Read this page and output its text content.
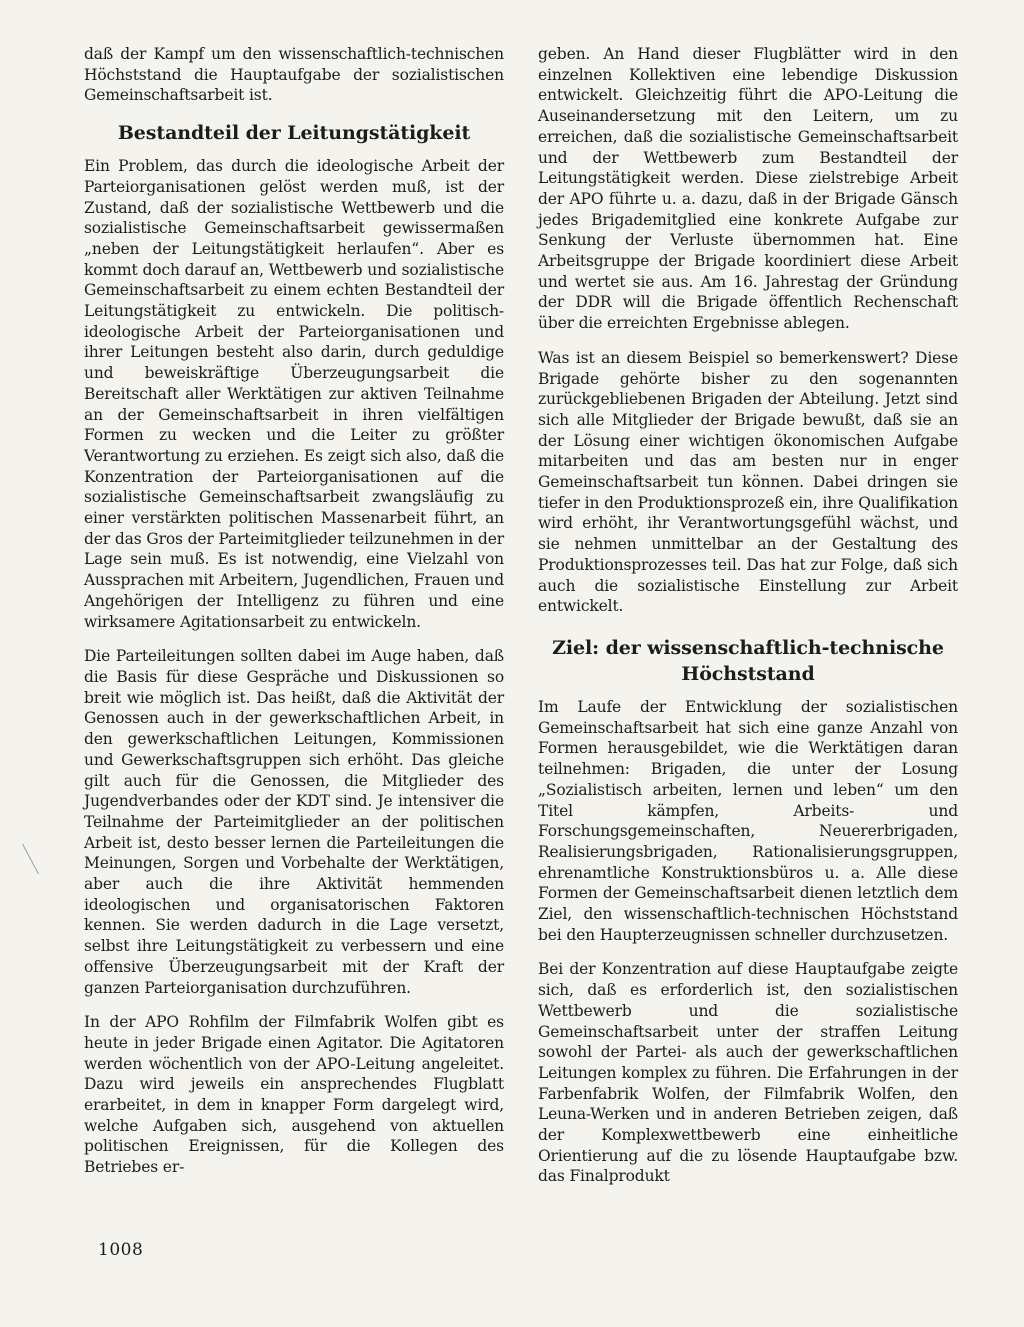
daß der Kampf um den wissenschaftlich-technischen Höchststand die Hauptaufgabe der sozialistischen Gemeinschaftsarbeit ist.

Bestandteil der Leitungstätigkeit

Ein Problem, das durch die ideologische Arbeit der Parteiorganisationen gelöst werden muß, ist der Zustand, daß der sozialistische Wettbewerb und die sozialistische Gemeinschaftsarbeit gewissermaßen „neben der Leitungstätigkeit herlaufen“. Aber es kommt doch darauf an, Wettbewerb und sozialistische Gemeinschaftsarbeit zu einem echten Bestandteil der Leitungstätigkeit zu entwickeln. Die politisch-ideologische Arbeit der Parteiorganisationen und ihrer Leitungen besteht also darin, durch geduldige und beweiskräftige Überzeugungsarbeit die Bereitschaft aller Werktätigen zur aktiven Teilnahme an der Gemeinschaftsarbeit in ihren vielfältigen Formen zu wecken und die Leiter zu größter Verantwortung zu erziehen. Es zeigt sich also, daß die Konzentration der Parteiorganisationen auf die sozialistische Gemeinschaftsarbeit zwangsläufig zu einer verstärkten politischen Massenarbeit führt, an der das Gros der Parteimitglieder teilzunehmen in der Lage sein muß. Es ist notwendig, eine Vielzahl von Aussprachen mit Arbeitern, Jugendlichen, Frauen und Angehörigen der Intelligenz zu führen und eine wirksamere Agitationsarbeit zu entwickeln.

Die Parteileitungen sollten dabei im Auge haben, daß die Basis für diese Gespräche und Diskussionen so breit wie möglich ist. Das heißt, daß die Aktivität der Genossen auch in der gewerkschaftlichen Arbeit, in den gewerkschaftlichen Leitungen, Kommissionen und Gewerkschaftsgruppen sich erhöht. Das gleiche gilt auch für die Genossen, die Mitglieder des Jugendverbandes oder der KDT sind. Je intensiver die Teilnahme der Parteimitglieder an der politischen Arbeit ist, desto besser lernen die Parteileitungen die Meinungen, Sorgen und Vorbehalte der Werktätigen, aber auch die ihre Aktivität hemmenden ideologischen und organisatorischen Faktoren kennen. Sie werden dadurch in die Lage versetzt, selbst ihre Leitungstätigkeit zu verbessern und eine offensive Überzeugungsarbeit mit der Kraft der ganzen Parteiorganisation durchzuführen.

In der APO Rohfilm der Filmfabrik Wolfen gibt es heute in jeder Brigade einen Agitator. Die Agitatoren werden wöchentlich von der APO-Leitung angeleitet. Dazu wird jeweils ein ansprechendes Flugblatt erarbeitet, in dem in knapper Form dargelegt wird, welche Aufgaben sich, ausgehend von aktuellen politischen Ereignissen, für die Kollegen des Betriebes er-

geben. An Hand dieser Flugblätter wird in den einzelnen Kollektiven eine lebendige Diskussion entwickelt. Gleichzeitig führt die APO-Leitung die Auseinandersetzung mit den Leitern, um zu erreichen, daß die sozialistische Gemeinschaftsarbeit und der Wettbewerb zum Bestandteil der Leitungstätigkeit werden. Diese zielstrebige Arbeit der APO führte u. a. dazu, daß in der Brigade Gänsch jedes Brigademitglied eine konkrete Aufgabe zur Senkung der Verluste übernommen hat. Eine Arbeitsgruppe der Brigade koordiniert diese Arbeit und wertet sie aus. Am 16. Jahrestag der Gründung der DDR will die Brigade öffentlich Rechenschaft über die erreichten Ergebnisse ablegen.

Was ist an diesem Beispiel so bemerkenswert? Diese Brigade gehörte bisher zu den sogenannten zurückgebliebenen Brigaden der Abteilung. Jetzt sind sich alle Mitglieder der Brigade bewußt, daß sie an der Lösung einer wichtigen ökonomischen Aufgabe mitarbeiten und das am besten nur in enger Gemeinschaftsarbeit tun können. Dabei dringen sie tiefer in den Produktionsprozeß ein, ihre Qualifikation wird erhöht, ihr Verantwortungsgefühl wächst, und sie nehmen unmittelbar an der Gestaltung des Produktionsprozesses teil. Das hat zur Folge, daß sich auch die sozialistische Einstellung zur Arbeit entwickelt.

Ziel: der wissenschaftlich-technische Höchststand

Im Laufe der Entwicklung der sozialistischen Gemeinschaftsarbeit hat sich eine ganze Anzahl von Formen herausgebildet, wie die Werktätigen daran teilnehmen: Brigaden, die unter der Losung „Sozialistisch arbeiten, lernen und leben“ um den Titel kämpfen, Arbeits- und Forschungsgemeinschaften, Neuererbrigaden, Realisierungsbrigaden, Rationalisierungsgruppen, ehrenamtliche Konstruktionsbüros u. a. Alle diese Formen der Gemeinschaftsarbeit dienen letztlich dem Ziel, den wissenschaftlich-technischen Höchststand bei den Haupterzeugnissen schneller durchzusetzen.

Bei der Konzentration auf diese Hauptaufgabe zeigte sich, daß es erforderlich ist, den sozialistischen Wettbewerb und die sozialistische Gemeinschaftsarbeit unter der straffen Leitung sowohl der Partei- als auch der gewerkschaftlichen Leitungen komplex zu führen. Die Erfahrungen in der Farbenfabrik Wolfen, der Filmfabrik Wolfen, den Leuna-Werken und in anderen Betrieben zeigen, daß der Komplexwettbewerb eine einheitliche Orientierung auf die zu lösende Hauptaufgabe bzw. das Finalprodukt

1008
